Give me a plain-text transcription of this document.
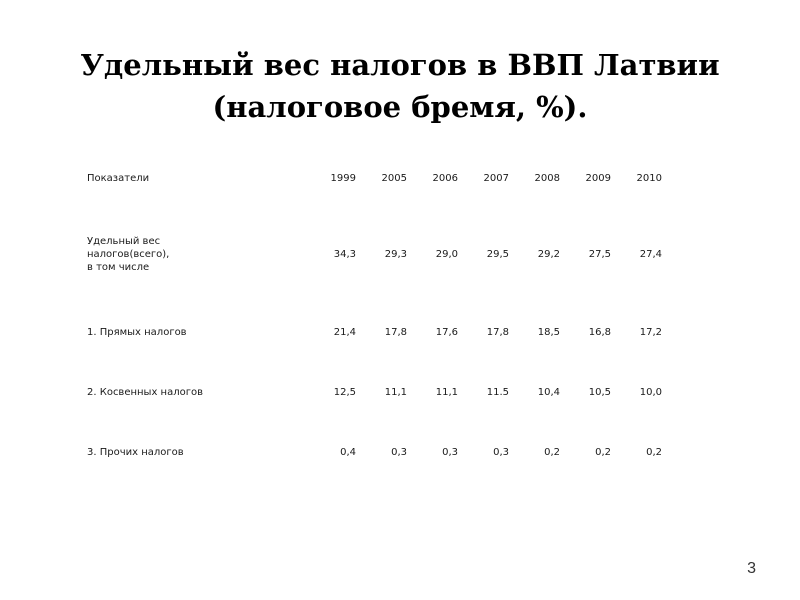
Удельный вес налогов в ВВП Латвии
(налоговое бремя, %).
Показатели	1999	2005	2006	2007	2008	2009	2010

Удельный вес
налогов(всего),
в том числе	34,3	29,3	29,0	29,5	29,2	27,5	27,4
1. Прямых налогов	21,4	17,8	17,6	17,8	18,5	16,8	17,2
2. Косвенных налогов	12,5	11,1	11,1	11.5	10,4	10,5	10,0
3. Прочих налогов	0,4	0,3	0,3	0,3	0,2	0,2	0,2
3
